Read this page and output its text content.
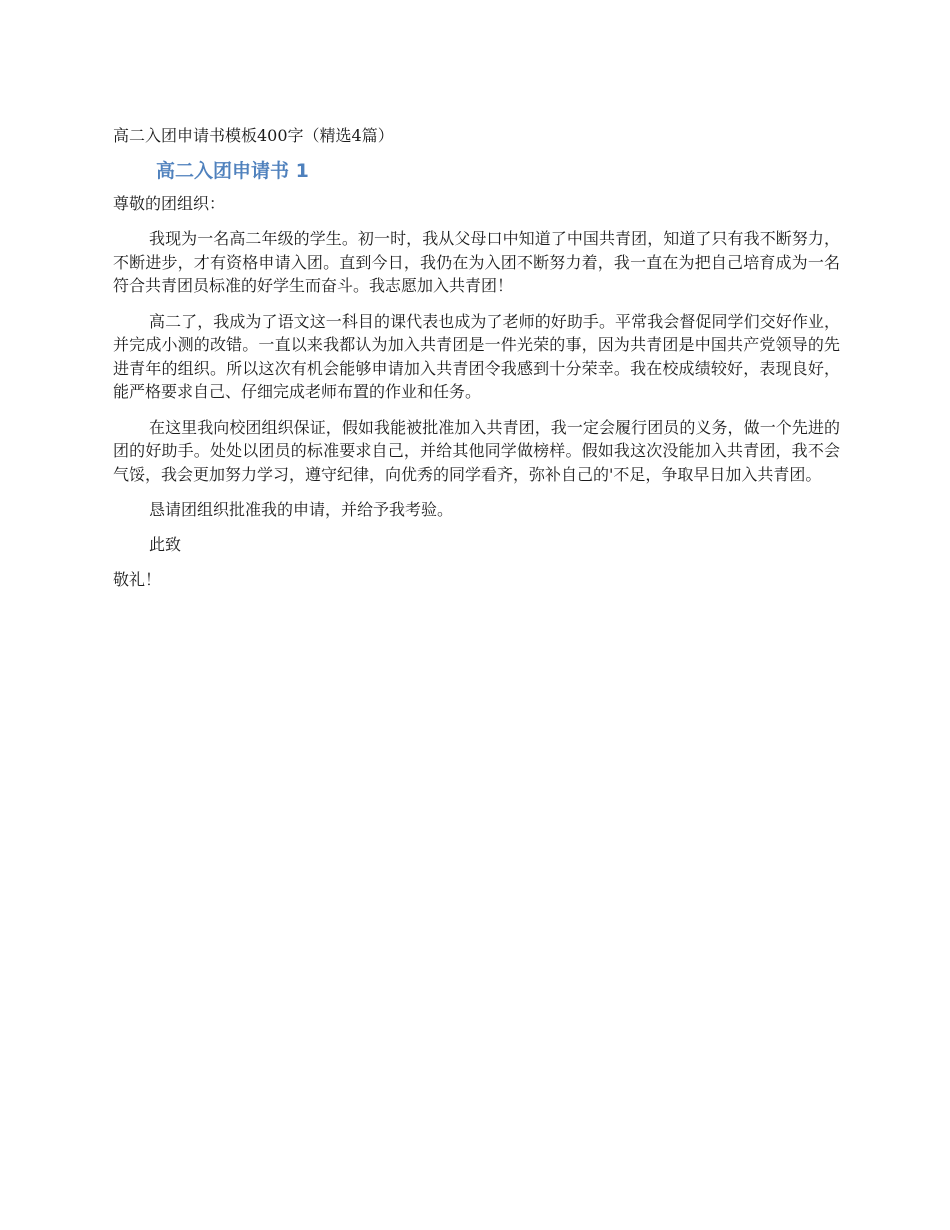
高二入团申请书模板400字（精选4篇）
高二入团申请书 1
尊敬的团组织：

我现为一名高二年级的学生。初一时，我从父母口中知道了中国共青团，知道了只有我不断努力，不断进步，才有资格申请入团。直到今日，我仍在为入团不断努力着，我一直在为把自己培育成为一名符合共青团员标准的好学生而奋斗。我志愿加入共青团！

高二了，我成为了语文这一科目的课代表也成为了老师的好助手。平常我会督促同学们交好作业，并完成小测的改错。一直以来我都认为加入共青团是一件光荣的事，因为共青团是中国共产党领导的先进青年的组织。所以这次有机会能够申请加入共青团令我感到十分荣幸。我在校成绩较好，表现良好，能严格要求自己、仔细完成老师布置的作业和任务。

在这里我向校团组织保证，假如我能被批准加入共青团，我一定会履行团员的义务，做一个先进的团的好助手。处处以团员的标准要求自己，并给其他同学做榜样。假如我这次没能加入共青团，我不会气馁，我会更加努力学习，遵守纪律，向优秀的同学看齐，弥补自己的'不足，争取早日加入共青团。

恳请团组织批准我的申请，并给予我考验。
此致
敬礼！
